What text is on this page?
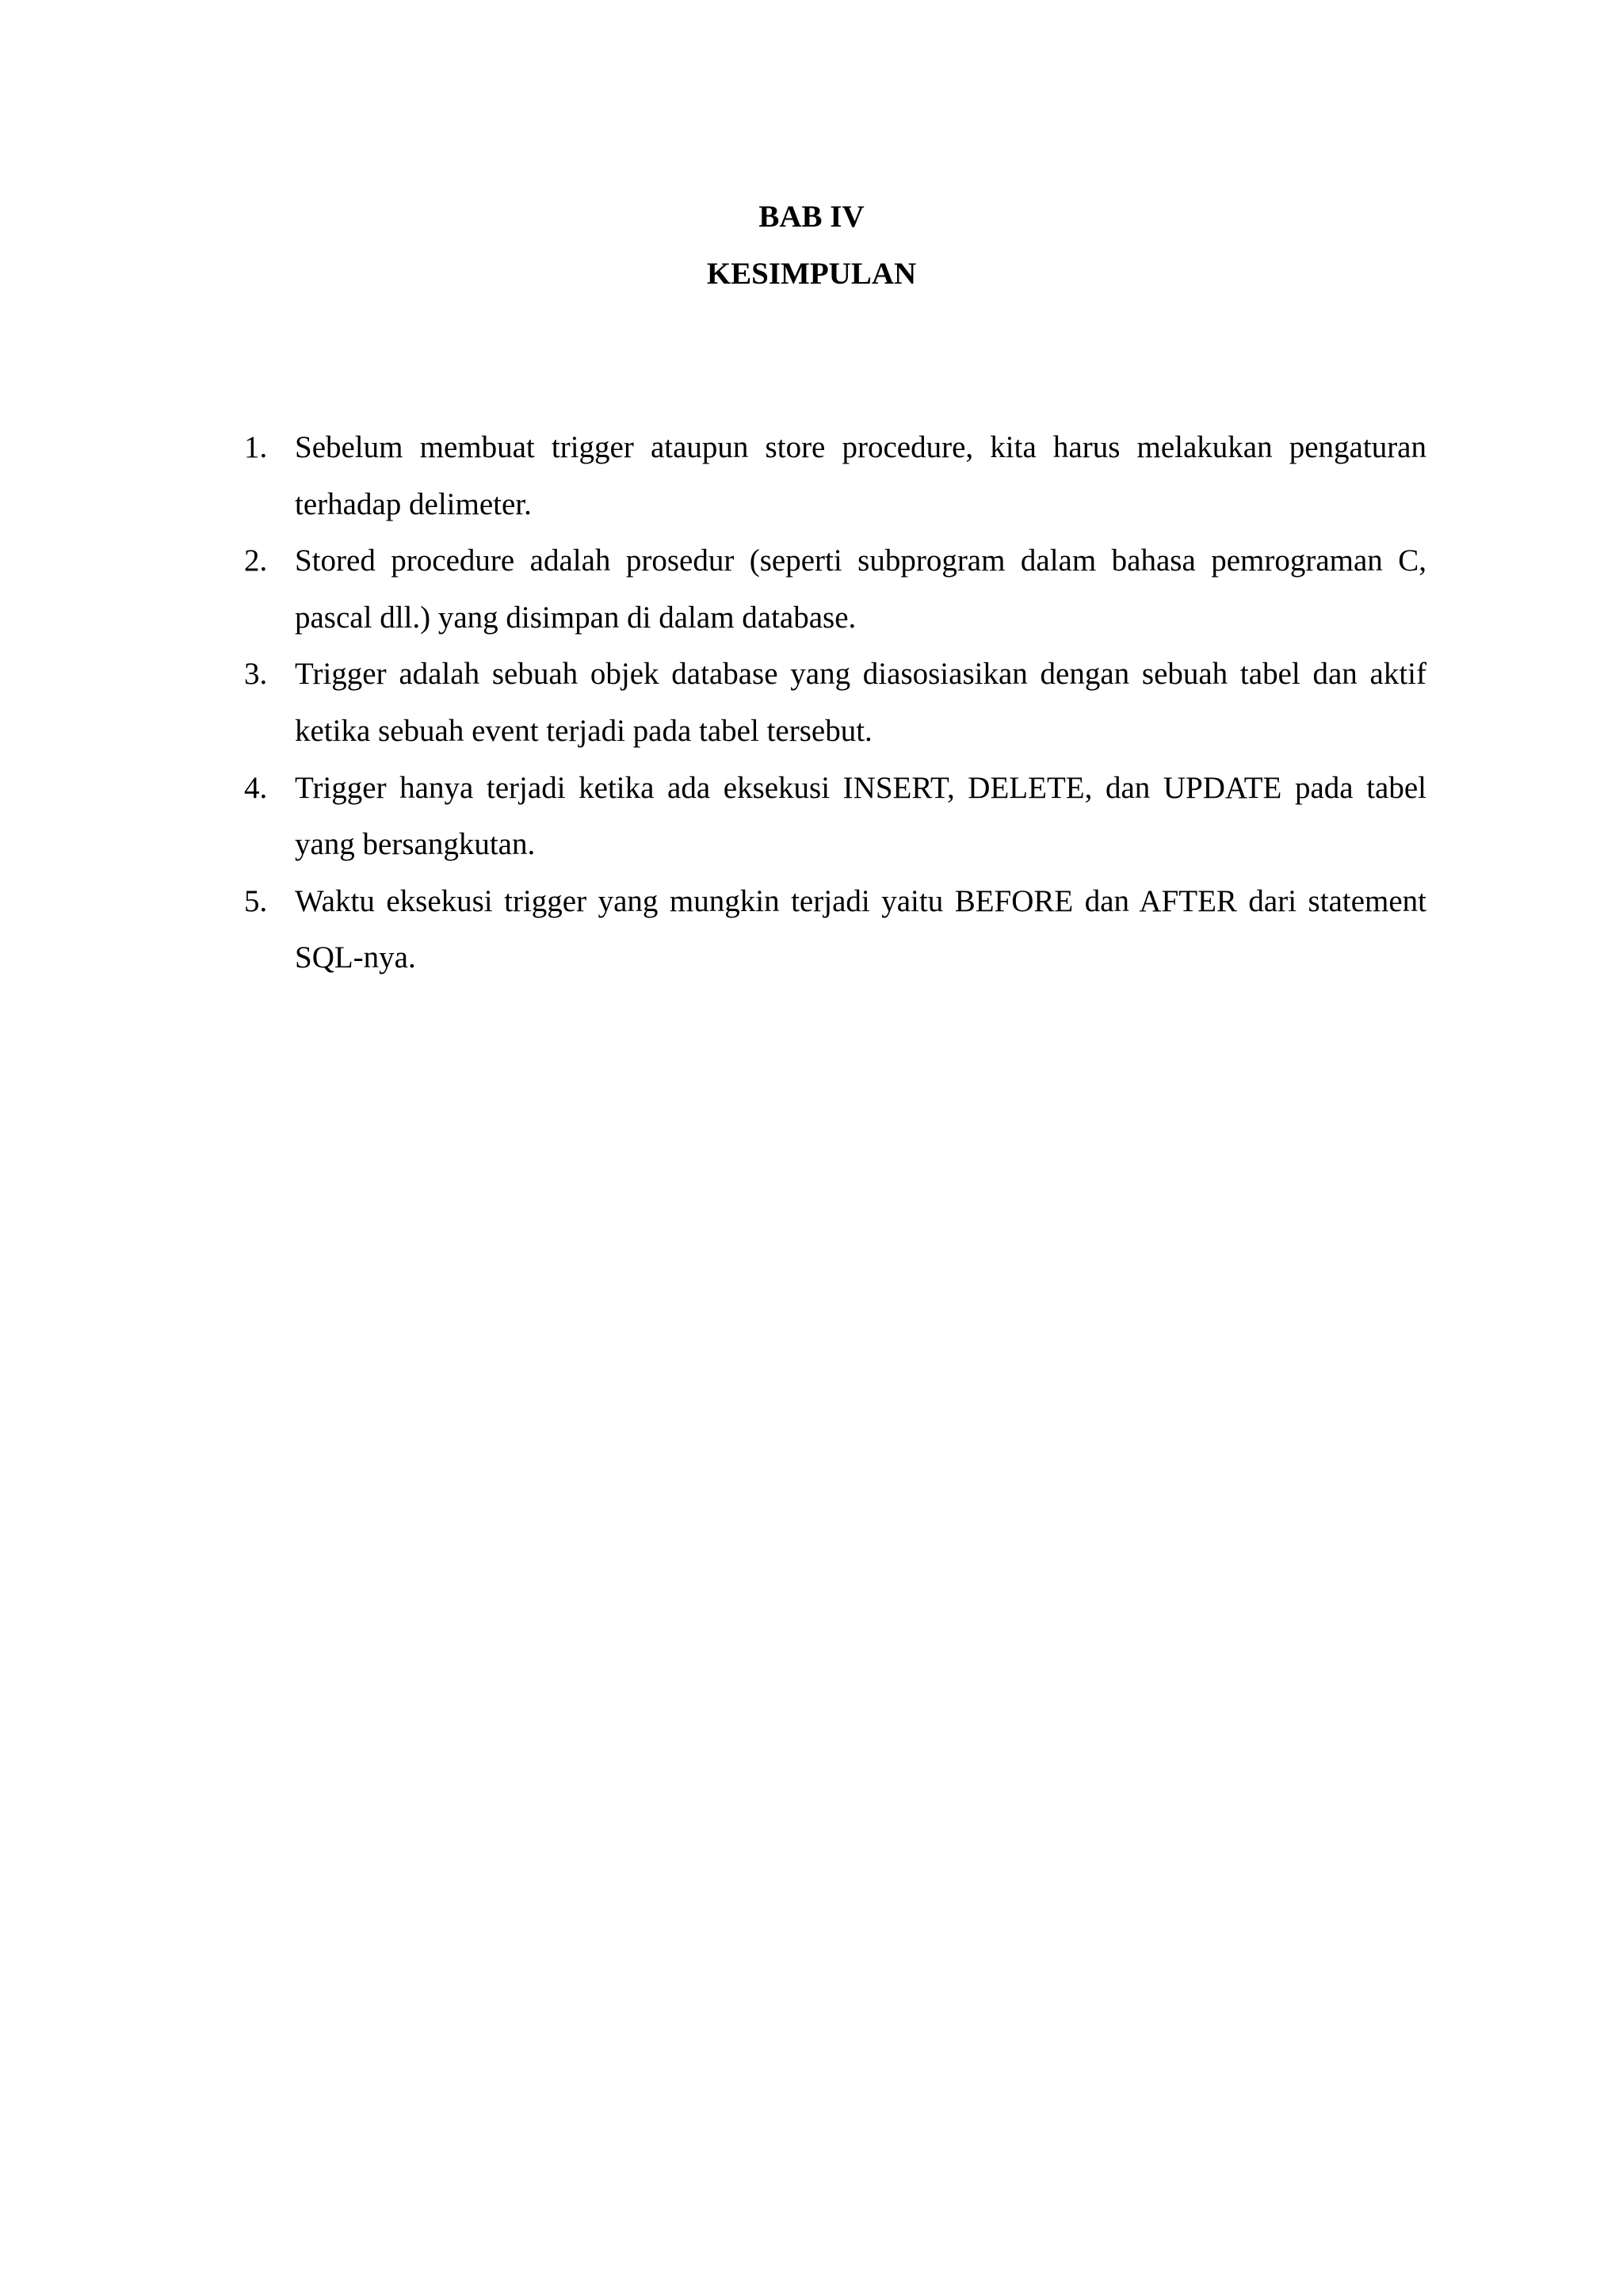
BAB IV
KESIMPULAN
1. Sebelum membuat trigger ataupun store procedure, kita harus melakukan pengaturan terhadap delimeter.
2. Stored procedure adalah prosedur (seperti subprogram dalam bahasa pemrograman C, pascal dll.) yang disimpan di dalam database.
3. Trigger adalah sebuah objek database yang diasosiasikan dengan sebuah tabel dan aktif ketika sebuah event terjadi pada tabel tersebut.
4. Trigger hanya terjadi ketika ada eksekusi INSERT, DELETE, dan UPDATE pada tabel yang bersangkutan.
5. Waktu eksekusi trigger yang mungkin terjadi yaitu BEFORE dan AFTER dari statement SQL-nya.
